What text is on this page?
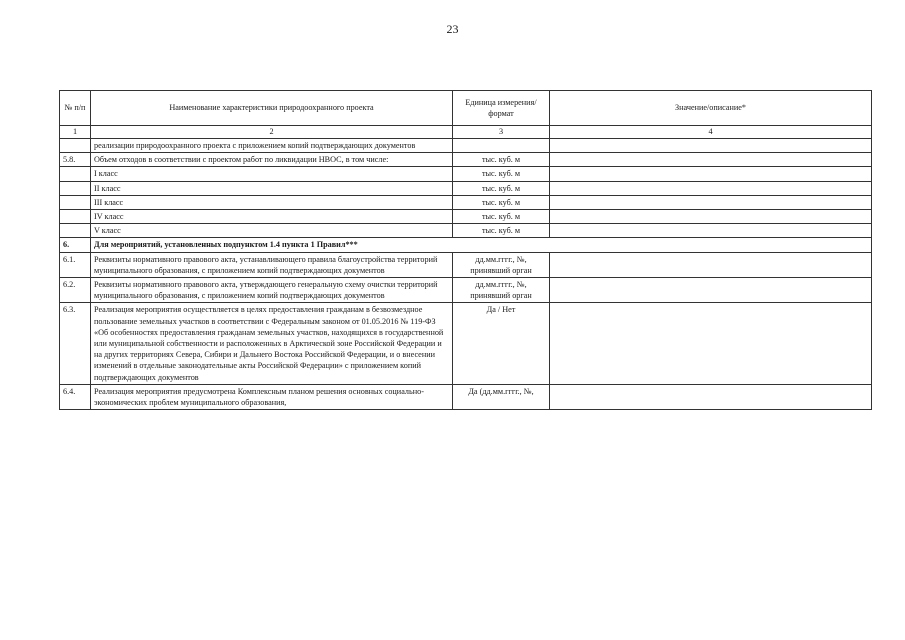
23
№ п/п	Наименование характеристики природоохранного проекта	Единица измерения/формат	Значение/описание*
1	2	3	4
	реализации природоохранного проекта с приложением копий подтверждающих документов		
5.8.	Объем отходов в соответствии с проектом работ по ликвидации НВОС, в том числе:	тыс. куб. м	
	I класс	тыс. куб. м	
	II класс	тыс. куб. м	
	III класс	тыс. куб. м	
	IV класс	тыс. куб. м	
	V класс	тыс. куб. м	
6.	Для мероприятий, установленных подпунктом 1.4 пункта 1 Правил***		
6.1.	Реквизиты нормативного правового акта, устанавливающего правила благоустройства территорий муниципального образования, с приложением копий подтверждающих документов	дд.мм.гггг., №, принявший орган	
6.2.	Реквизиты нормативного правового акта, утверждающего генеральную схему очистки территорий муниципального образования, с приложением копий подтверждающих документов	дд.мм.гггг., №, принявший орган	
6.3.	Реализация мероприятия осуществляется в целях предоставления гражданам в безвозмездное пользование земельных участков в соответствии с Федеральным законом от 01.05.2016 № 119-ФЗ «Об особенностях предоставления гражданам земельных участков, находящихся в государственной или муниципальной собственности и расположенных в Арктической зоне Российской Федерации и на других территориях Севера, Сибири и Дальнего Востока Российской Федерации, и о внесении изменений в отдельные законодательные акты Российской Федерации» с приложением копий подтверждающих документов	Да / Нет	
6.4.	Реализация мероприятия предусмотрена Комплексным планом решения основных социально-экономических проблем муниципального образования,	Да (дд.мм.гггг., №,	
